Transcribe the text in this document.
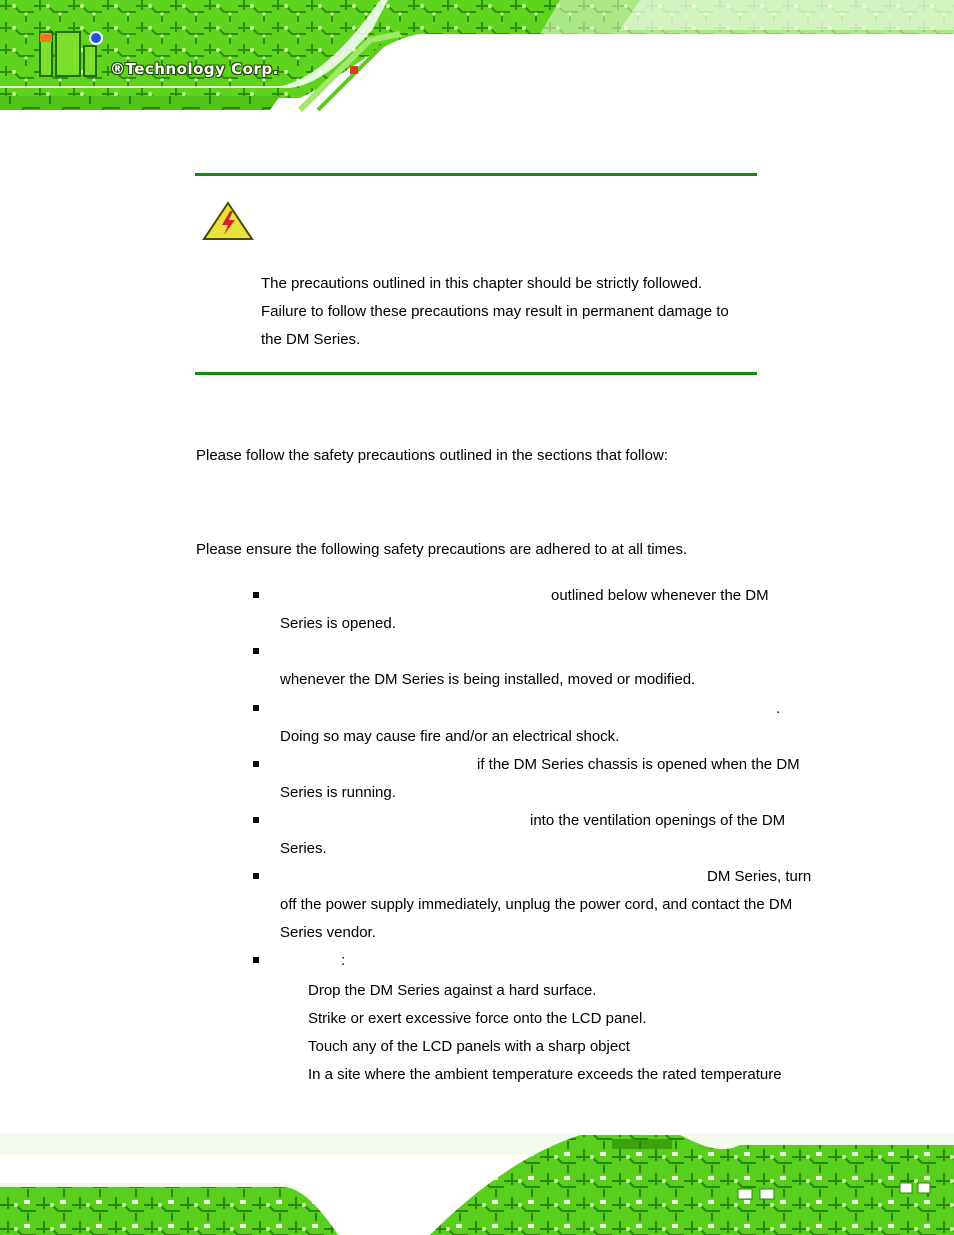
®Technology Corp.
The precautions outlined in this chapter should be strictly followed.
Failure to follow these precautions may result in permanent damage to
the DM Series.
Please follow the safety precautions outlined in the sections that follow:
Please ensure the following safety precautions are adhered to at all times.
outlined below whenever the DM
Series is opened.
whenever the DM Series is being installed, moved or modified.
.
Doing so may cause fire and/or an electrical shock.
if the DM Series chassis is opened when the DM
Series is running.
into the ventilation openings of the DM
Series.
DM Series, turn
off the power supply immediately, unplug the power cord, and contact the DM
Series vendor.
:
Drop the DM Series against a hard surface.
Strike or exert excessive force onto the LCD panel.
Touch any of the LCD panels with a sharp object
In a site where the ambient temperature exceeds the rated temperature
